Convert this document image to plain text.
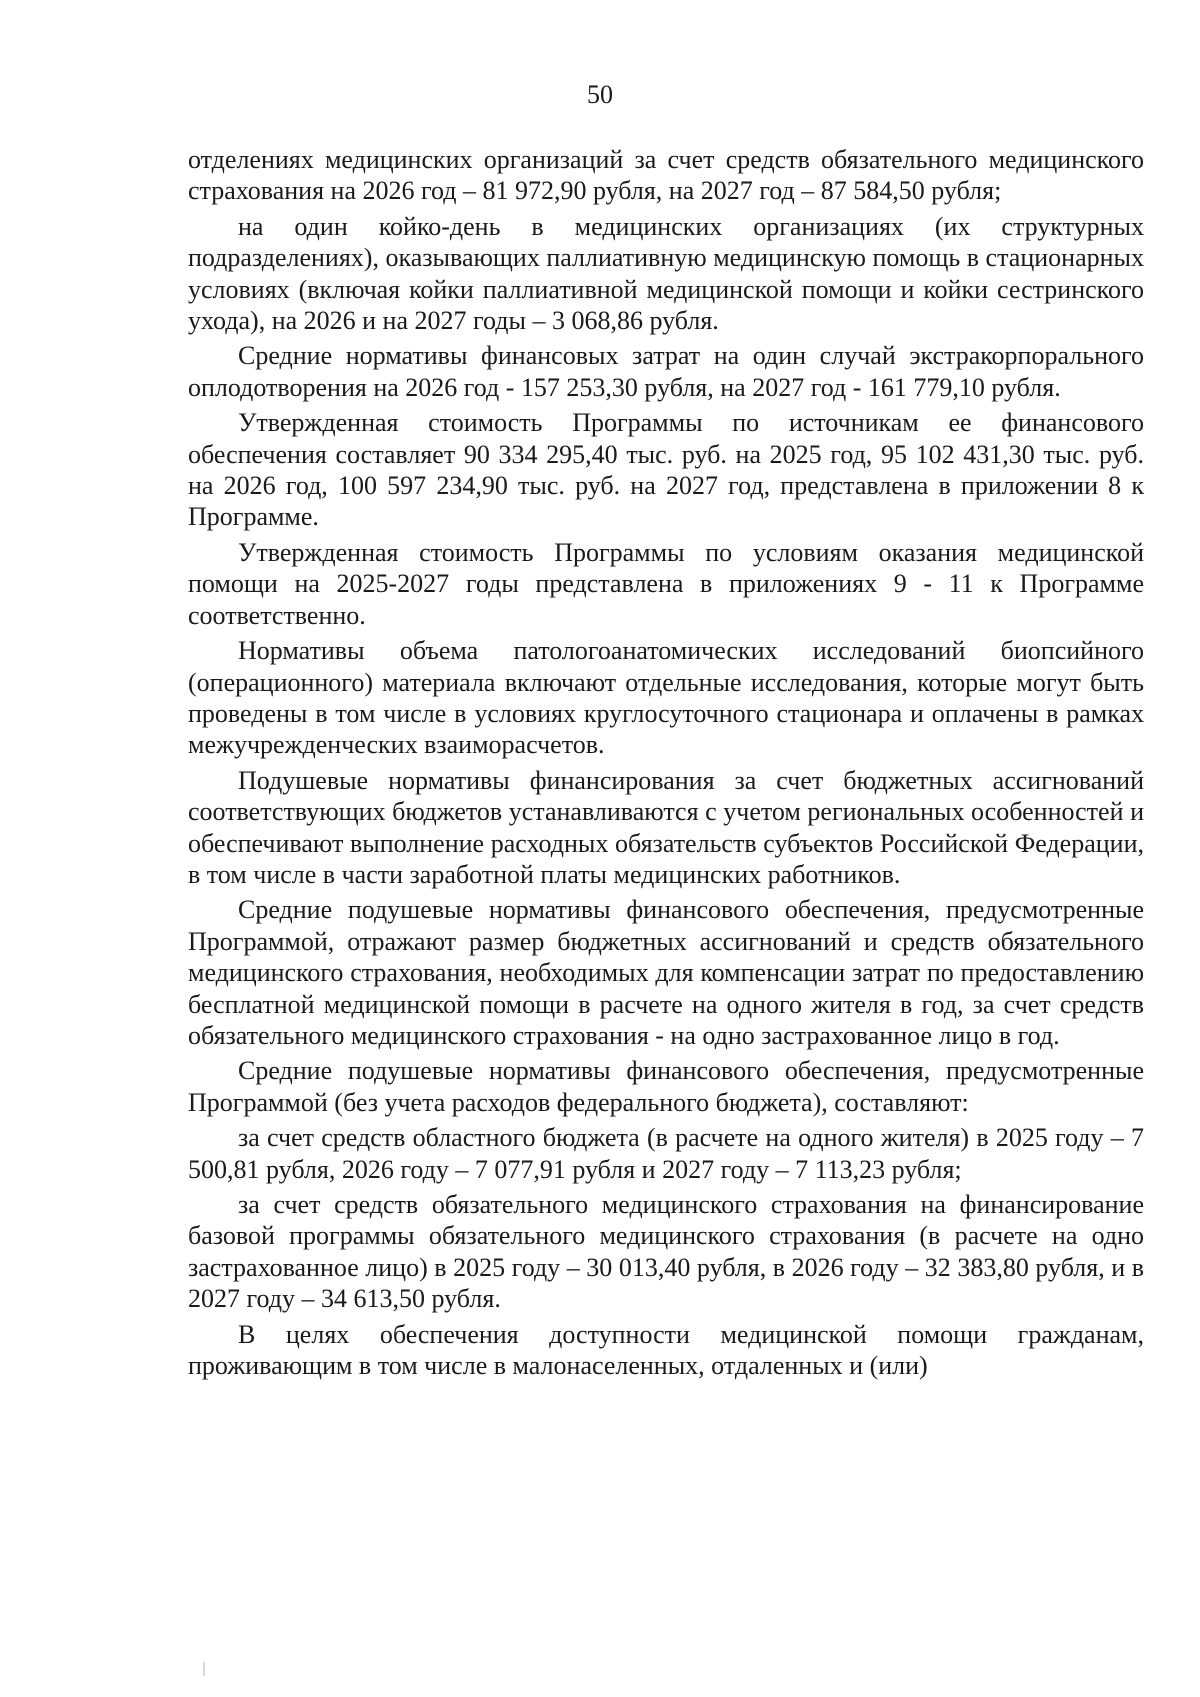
50

отделениях медицинских организаций за счет средств обязательного медицинского страхования на 2026 год – 81 972,90 рубля, на 2027 год – 87 584,50 рубля;

на один койко-день в медицинских организациях (их структурных подразделениях), оказывающих паллиативную медицинскую помощь в стационарных условиях (включая койки паллиативной медицинской помощи и койки сестринского ухода), на 2026 и на 2027 годы – 3 068,86 рубля.

Средние нормативы финансовых затрат на один случай экстракорпорального оплодотворения на 2026 год - 157 253,30 рубля, на 2027 год - 161 779,10 рубля.

Утвержденная стоимость Программы по источникам ее финансового обеспечения составляет 90 334 295,40 тыс. руб. на 2025 год, 95 102 431,30 тыс. руб. на 2026 год, 100 597 234,90 тыс. руб. на 2027 год, представлена в приложении 8 к Программе.

Утвержденная стоимость Программы по условиям оказания медицинской помощи на 2025-2027 годы представлена в приложениях 9 - 11 к Программе соответственно.

Нормативы объема патологоанатомических исследований биопсийного (операционного) материала включают отдельные исследования, которые могут быть проведены в том числе в условиях круглосуточного стационара и оплачены в рамках межучрежденческих взаиморасчетов.

Подушевые нормативы финансирования за счет бюджетных ассигнований соответствующих бюджетов устанавливаются с учетом региональных особенностей и обеспечивают выполнение расходных обязательств субъектов Российской Федерации, в том числе в части заработной платы медицинских работников.

Средние подушевые нормативы финансового обеспечения, предусмотренные Программой, отражают размер бюджетных ассигнований и средств обязательного медицинского страхования, необходимых для компенсации затрат по предоставлению бесплатной медицинской помощи в расчете на одного жителя в год, за счет средств обязательного медицинского страхования - на одно застрахованное лицо в год.

Средние подушевые нормативы финансового обеспечения, предусмотренные Программой (без учета расходов федерального бюджета), составляют:

за счет средств областного бюджета (в расчете на одного жителя) в 2025 году – 7 500,81 рубля, 2026 году – 7 077,91 рубля и 2027 году – 7 113,23 рубля;

за счет средств обязательного медицинского страхования на финансирование базовой программы обязательного медицинского страхования (в расчете на одно застрахованное лицо) в 2025 году – 30 013,40 рубля, в 2026 году – 32 383,80 рубля, и в 2027 году – 34 613,50 рубля.

В целях обеспечения доступности медицинской помощи гражданам, проживающим в том числе в малонаселенных, отдаленных и (или)
